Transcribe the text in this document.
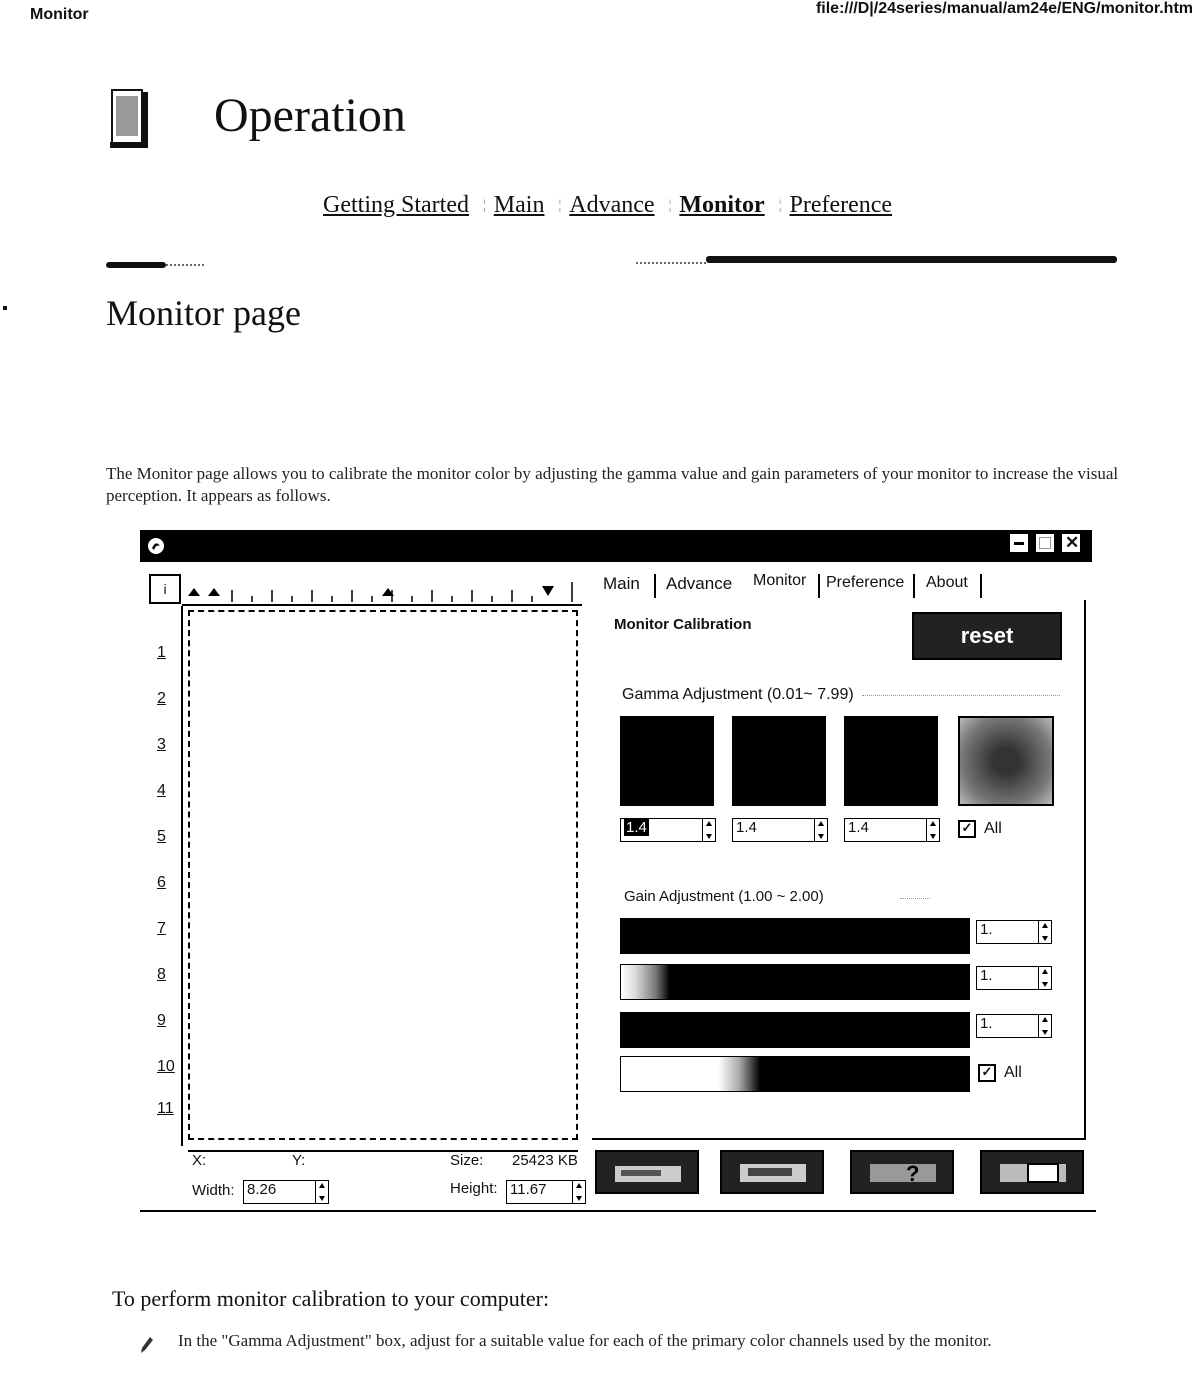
Monitor	file:///D|/24series/manual/am24e/ENG/monitor.htm
Operation
Getting Started ¦ Main ¦ Advance ¦ Monitor ¦ Preference
Monitor page
The Monitor page allows you to calibrate the monitor color by adjusting the gamma value and gain parameters of your monitor to increase the visual perception. It appears as follows.
✕
i
1
2
3
4
5
6
7
8
9
10
11
X:	Y:	Size: 25423 KB
Width: 8.26	Height: 11.67
Main Advance Monitor Preference About
Monitor Calibration	reset
Gamma Adjustment (0.01~ 7.99)
1.4	1.4	1.4	✓ All
Gain Adjustment (1.00 ~ 2.00)
1.
1.
1.
✓ All
?
To perform monitor calibration to your computer:
In the "Gamma Adjustment" box, adjust for a suitable value for each of the primary color channels used by the monitor.
